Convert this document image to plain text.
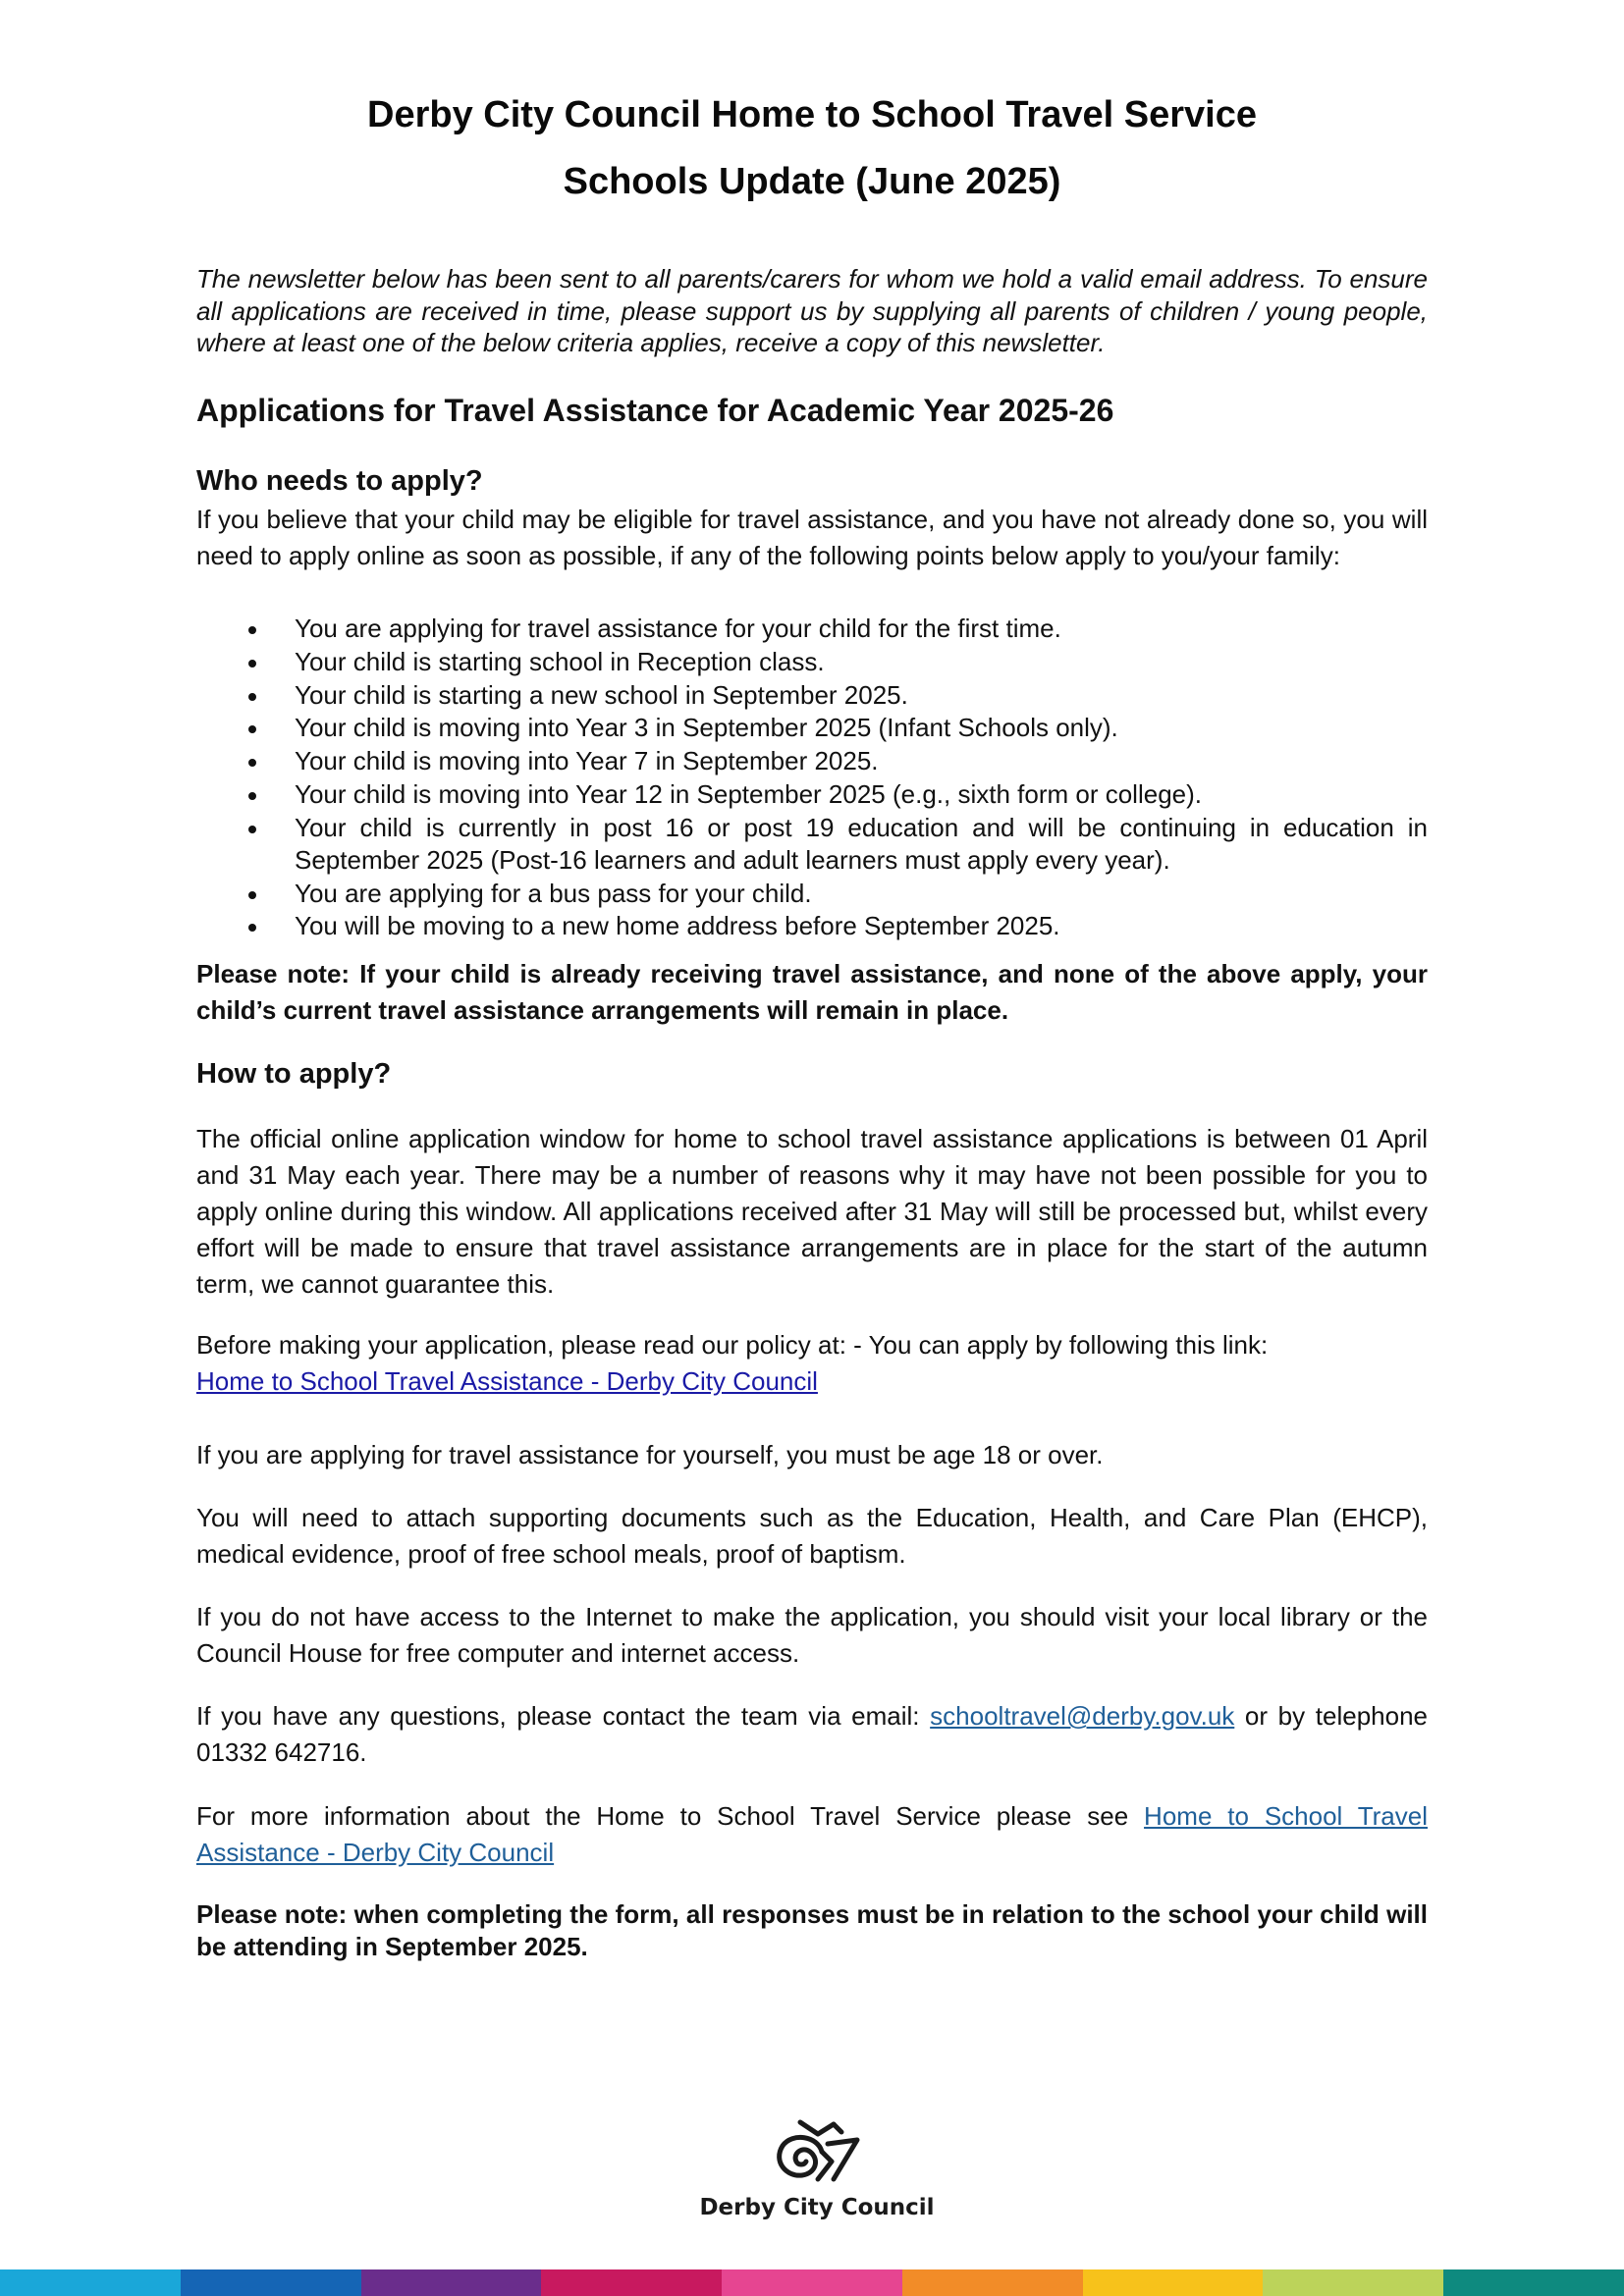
Derby City Council Home to School Travel Service
Schools Update (June 2025)

The newsletter below has been sent to all parents/carers for whom we hold a valid email address. To ensure all applications are received in time, please support us by supplying all parents of children / young people, where at least one of the below criteria applies, receive a copy of this newsletter.

Applications for Travel Assistance for Academic Year 2025-26
Who needs to apply?

If you believe that your child may be eligible for travel assistance, and you have not already done so, you will need to apply online as soon as possible, if any of the following points below apply to you/your family:

You are applying for travel assistance for your child for the first time.
Your child is starting school in Reception class.
Your child is starting a new school in September 2025.
Your child is moving into Year 3 in September 2025 (Infant Schools only).
Your child is moving into Year 7 in September 2025.
Your child is moving into Year 12 in September 2025 (e.g., sixth form or college).
Your child is currently in post 16 or post 19 education and will be continuing in education in September 2025 (Post-16 learners and adult learners must apply every year).
You are applying for a bus pass for your child.
You will be moving to a new home address before September 2025.

Please note: If your child is already receiving travel assistance, and none of the above apply, your child’s current travel assistance arrangements will remain in place.

How to apply?

The official online application window for home to school travel assistance applications is between 01 April and 31 May each year. There may be a number of reasons why it may have not been possible for you to apply online during this window. All applications received after 31 May will still be processed but, whilst every effort will be made to ensure that travel assistance arrangements are in place for the start of the autumn term, we cannot guarantee this.

Before making your application, please read our policy at: - You can apply by following this link:
Home to School Travel Assistance - Derby City Council

If you are applying for travel assistance for yourself, you must be age 18 or over.

You will need to attach supporting documents such as the Education, Health, and Care Plan (EHCP), medical evidence, proof of free school meals, proof of baptism.

If you do not have access to the Internet to make the application, you should visit your local library or the Council House for free computer and internet access.

If you have any questions, please contact the team via email: schooltravel@derby.gov.uk or by telephone 01332 642716.

For more information about the Home to School Travel Service please see Home to School Travel Assistance - Derby City Council

Please note: when completing the form, all responses must be in relation to the school your child will be attending in September 2025.

Derby City Council
